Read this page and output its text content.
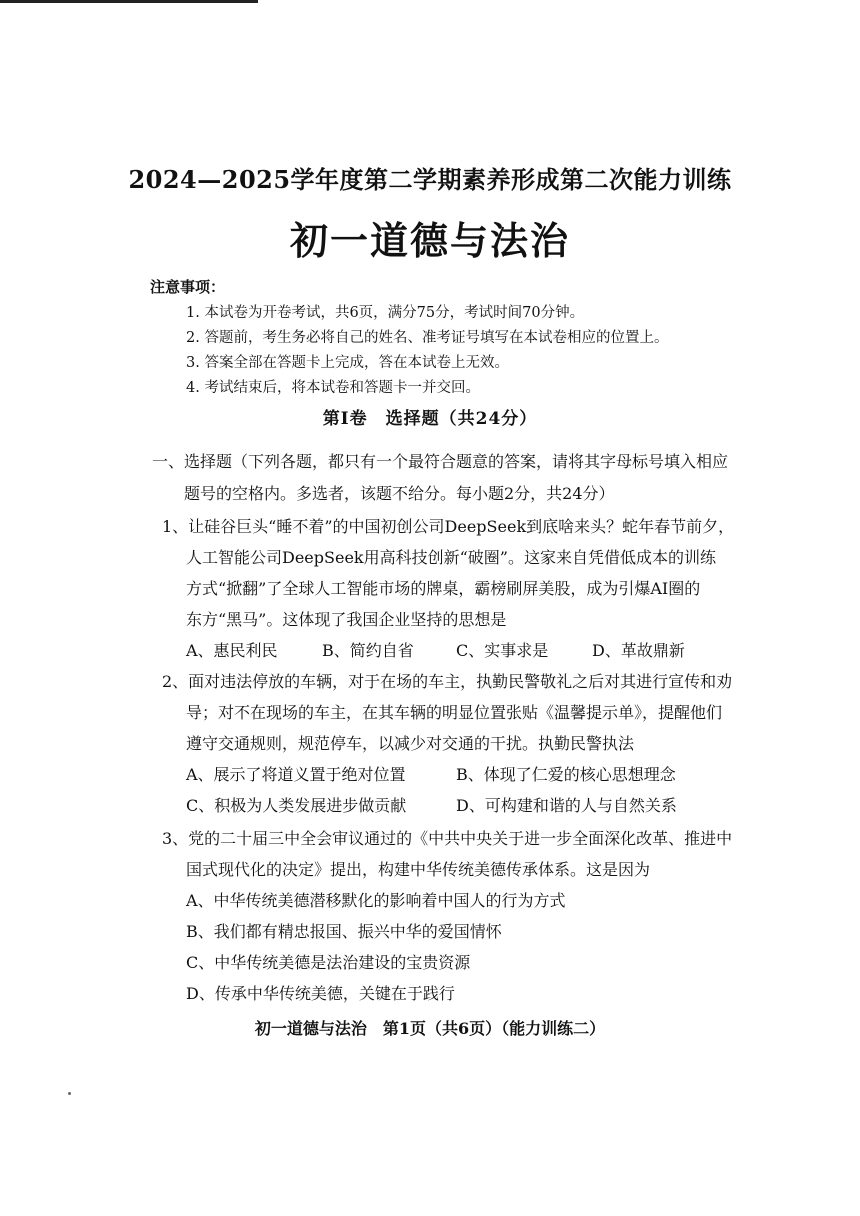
2024—2025学年度第二学期素养形成第二次能力训练
初一道德与法治
注意事项：
1. 本试卷为开卷考试，共6页，满分75分，考试时间70分钟。
2. 答题前，考生务必将自己的姓名、准考证号填写在本试卷相应的位置上。
3. 答案全部在答题卡上完成，答在本试卷上无效。
4. 考试结束后，将本试卷和答题卡一并交回。
第Ⅰ卷　选择题（共24分）
一、选择题（下列各题，都只有一个最符合题意的答案，请将其字母标号填入相应
题号的空格内。多选者，该题不给分。每小题2分，共24分）
1、让硅谷巨头“睡不着”的中国初创公司DeepSeek到底啥来头？蛇年春节前夕，
人工智能公司DeepSeek用高科技创新“破圈”。这家来自凭借低成本的训练
方式“掀翻”了全球人工智能市场的牌桌，霸榜刷屏美股，成为引爆AI圈的
东方“黑马”。这体现了我国企业坚持的思想是
A、惠民利民	B、简约自省	C、实事求是	D、革故鼎新
2、面对违法停放的车辆，对于在场的车主，执勤民警敬礼之后对其进行宣传和劝
导；对不在现场的车主，在其车辆的明显位置张贴《温馨提示单》，提醒他们
遵守交通规则，规范停车，以减少对交通的干扰。执勤民警执法
A、展示了将道义置于绝对位置	B、体现了仁爱的核心思想理念
C、积极为人类发展进步做贡献	D、可构建和谐的人与自然关系
3、党的二十届三中全会审议通过的《中共中央关于进一步全面深化改革、推进中
国式现代化的决定》提出，构建中华传统美德传承体系。这是因为
A、中华传统美德潜移默化的影响着中国人的行为方式
B、我们都有精忠报国、振兴中华的爱国情怀
C、中华传统美德是法治建设的宝贵资源
D、传承中华传统美德，关键在于践行
初一道德与法治　第1页（共6页）（能力训练二）
